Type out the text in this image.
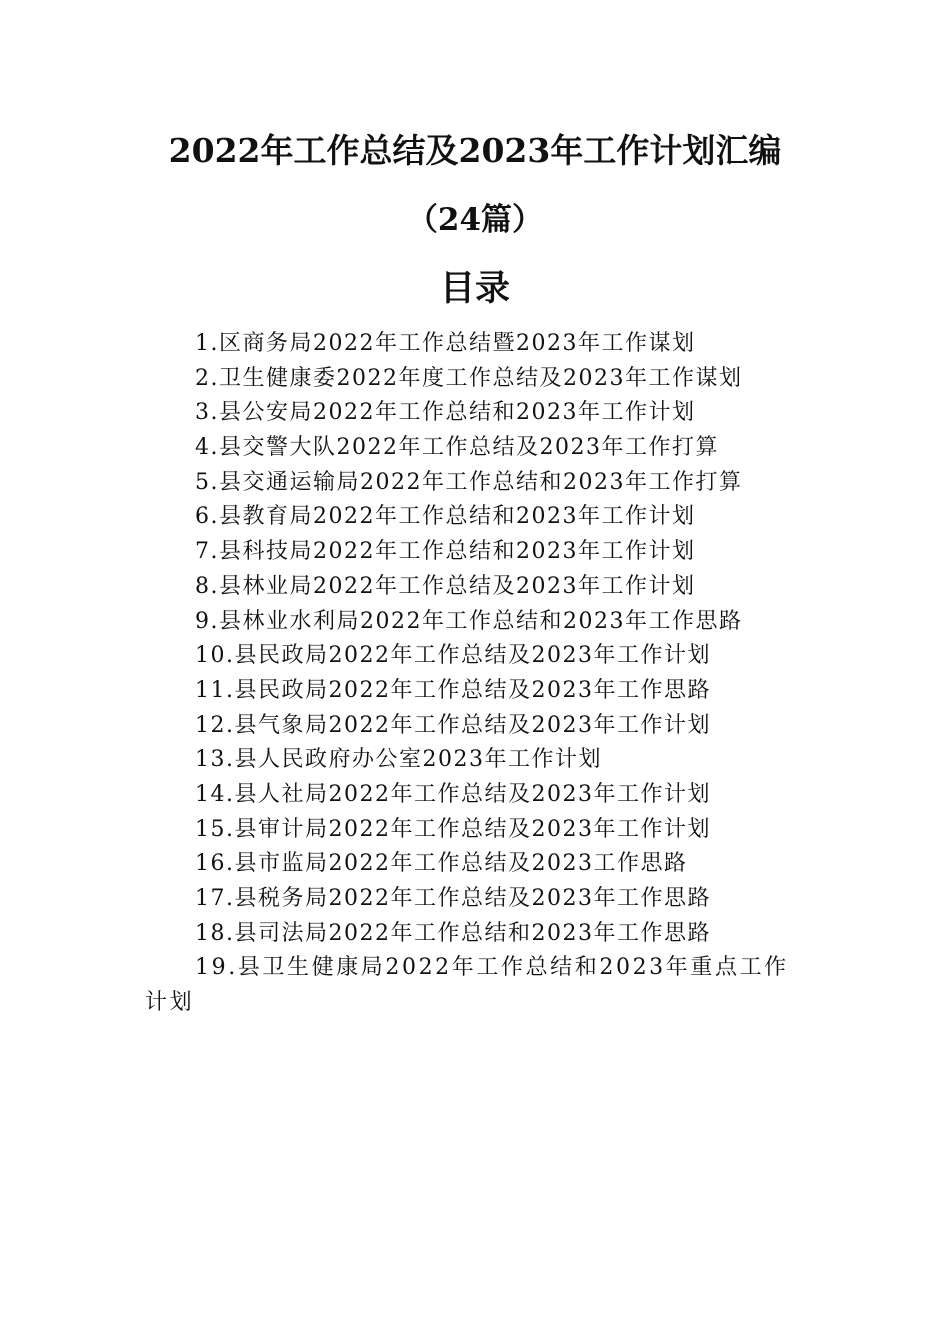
2022年工作总结及2023年工作计划汇编
（24篇）
目录
1.区商务局2022年工作总结暨2023年工作谋划
2.卫生健康委2022年度工作总结及2023年工作谋划
3.县公安局2022年工作总结和2023年工作计划
4.县交警大队2022年工作总结及2023年工作打算
5.县交通运输局2022年工作总结和2023年工作打算
6.县教育局2022年工作总结和2023年工作计划
7.县科技局2022年工作总结和2023年工作计划
8.县林业局2022年工作总结及2023年工作计划
9.县林业水利局2022年工作总结和2023年工作思路
10.县民政局2022年工作总结及2023年工作计划
11.县民政局2022年工作总结及2023年工作思路
12.县气象局2022年工作总结及2023年工作计划
13.县人民政府办公室2023年工作计划
14.县人社局2022年工作总结及2023年工作计划
15.县审计局2022年工作总结及2023年工作计划
16.县市监局2022年工作总结及2023工作思路
17.县税务局2022年工作总结及2023年工作思路
18.县司法局2022年工作总结和2023年工作思路
19.县卫生健康局2022年工作总结和2023年重点工作计划
